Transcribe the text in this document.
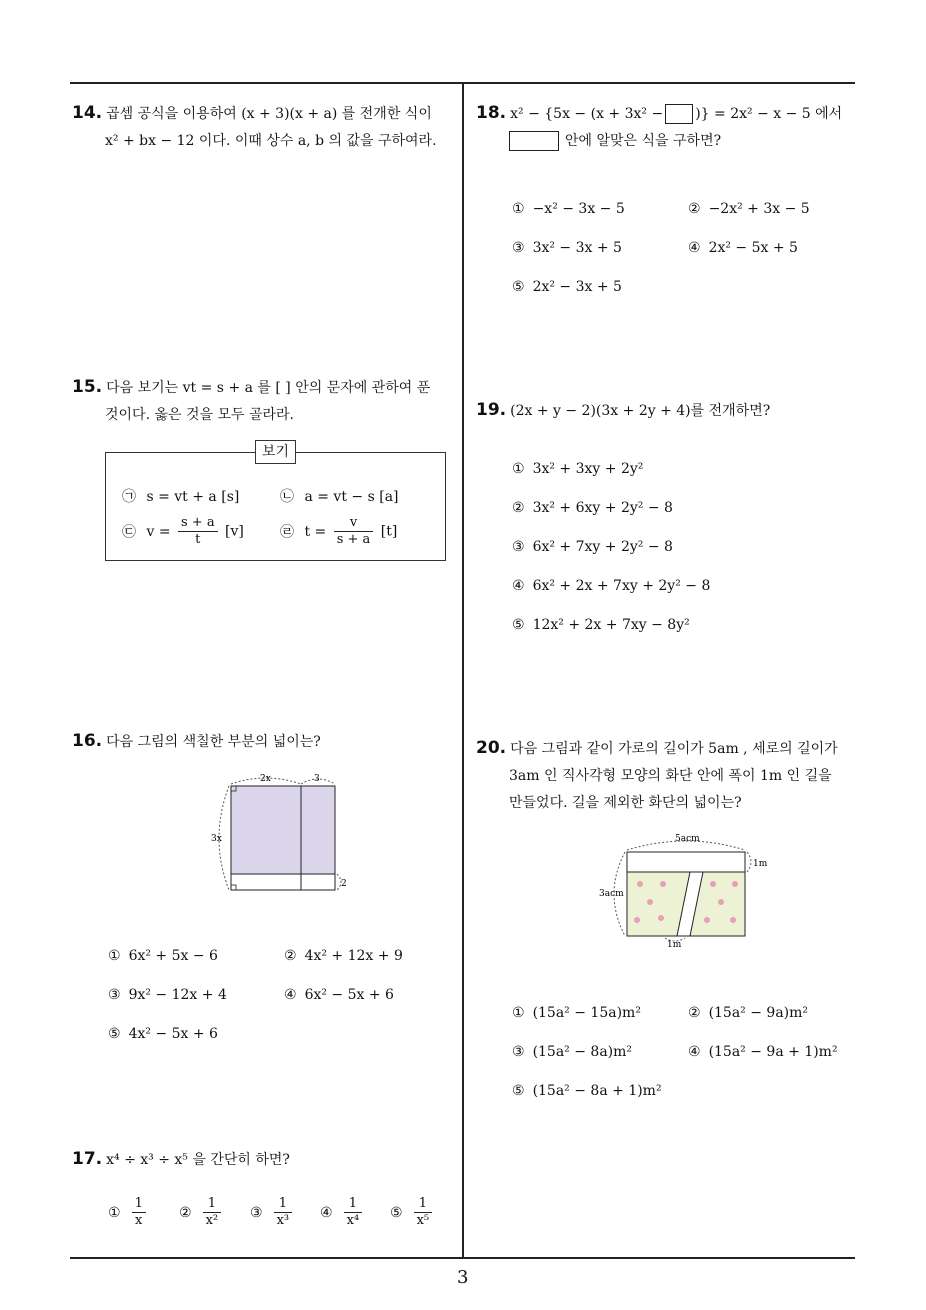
14. 곱셈 공식을 이용하여 (x + 3)(x + a) 를 전개한 식이
x² + bx − 12 이다. 이때 상수 a, b 의 값을 구하여라.
15. 다음 보기는 vt = s + a 를 [ ] 안의 문자에 관하여 푼
것이다. 옳은 것을 모두 골라라.
보기
㉠ s = vt + a [s]	㉡ a = vt − s [a]
㉢ $v = \frac{s + a}{t} [v]$	㉣ $t = \frac{v}{s + a} [t]$
16. 다음 그림의 색칠한 부분의 넓이는?
2x	3
3x
2
① 6x² + 5x − 6	② 4x² + 12x + 9
③ 9x² − 12x + 4	④ 6x² − 5x + 6
⑤ 4x² − 5x + 6
17. x⁴ ÷ x³ ÷ x⁵ 을 간단히 하면?
① $\frac{1}{x}$ ② $\frac{1}{\text{x²}}$ ③ $\frac{1}{\text{x³}}$ ④ $\frac{1}{\text{x⁴}}$ ⑤ $\frac{1}{\text{x⁵}}$
18. x² − {5x − (x + 3x² − )} = 2x² − x − 5 에서
안에 알맞은 식을 구하면?
① −x² − 3x − 5	② −2x² + 3x − 5
③ 3x² − 3x + 5	④ 2x² − 5x + 5
⑤ 2x² − 3x + 5
19. (2x + y − 2)(3x + 2y + 4)를 전개하면?
① 3x² + 3xy + 2y²
② 3x² + 6xy + 2y² − 8
③ 6x² + 7xy + 2y² − 8
④ 6x² + 2x + 7xy + 2y² − 8
⑤ 12x² + 2x + 7xy − 8y²
20. 다음 그림과 같이 가로의 길이가 5am , 세로의 길이가
3am 인 직사각형 모양의 화단 안에 폭이 1m 인 길을
만들었다. 길을 제외한 화단의 넓이는?
5acm
3acm
1m
1m
① (15a² − 15a)m²	② (15a² − 9a)m²
③ (15a² − 8a)m²	④ (15a² − 9a + 1)m²
⑤ (15a² − 8a + 1)m²
3
